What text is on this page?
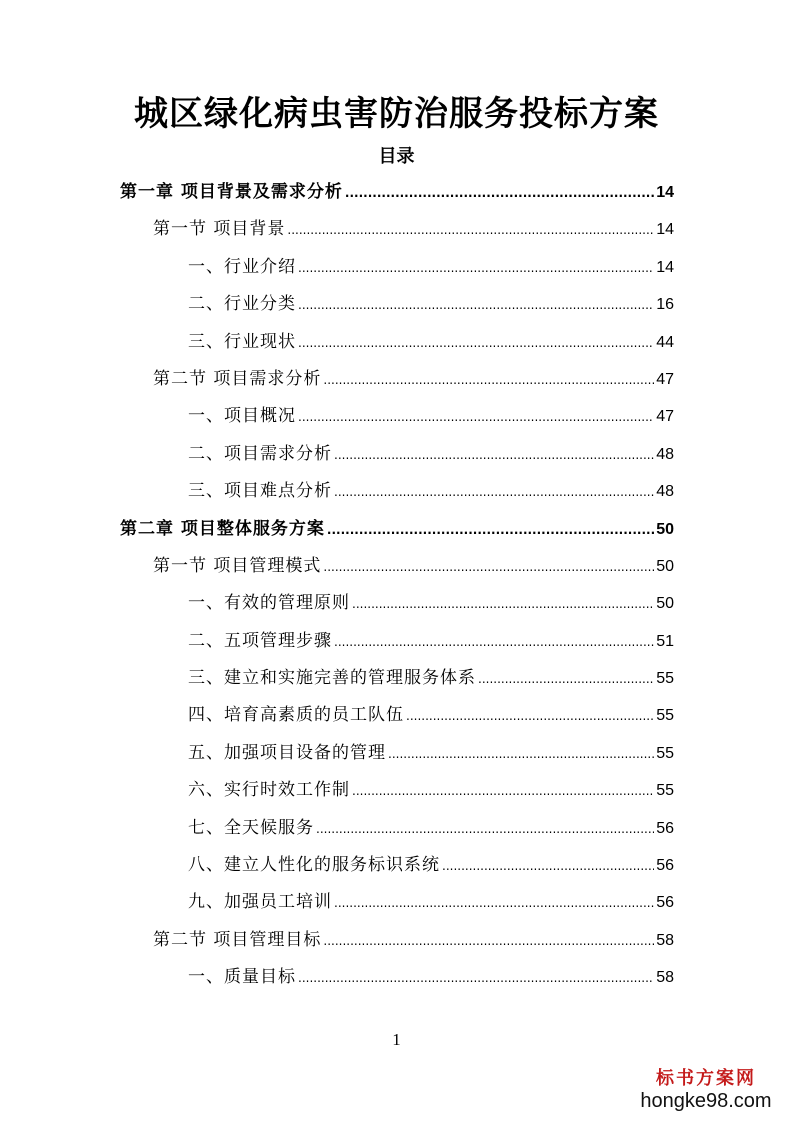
城区绿化病虫害防治服务投标方案
目录
第一章 项目背景及需求分析 .....	14
第一节 项目背景 .....	14
一、行业介绍 .....	14
二、行业分类 .....	16
三、行业现状 .....	44
第二节 项目需求分析 .....	47
一、项目概况 .....	47
二、项目需求分析 .....	48
三、项目难点分析 .....	48
第二章 项目整体服务方案 .....	50
第一节 项目管理模式 .....	50
一、有效的管理原则 .....	50
二、五项管理步骤 .....	51
三、建立和实施完善的管理服务体系 .....	55
四、培育高素质的员工队伍 .....	55
五、加强项目设备的管理 .....	55
六、实行时效工作制 .....	55
七、全天候服务 .....	56
八、建立人性化的服务标识系统 .....	56
九、加强员工培训 .....	56
第二节 项目管理目标 .....	58
一、质量目标 .....	58
1
标书方案网
hongke98.com
